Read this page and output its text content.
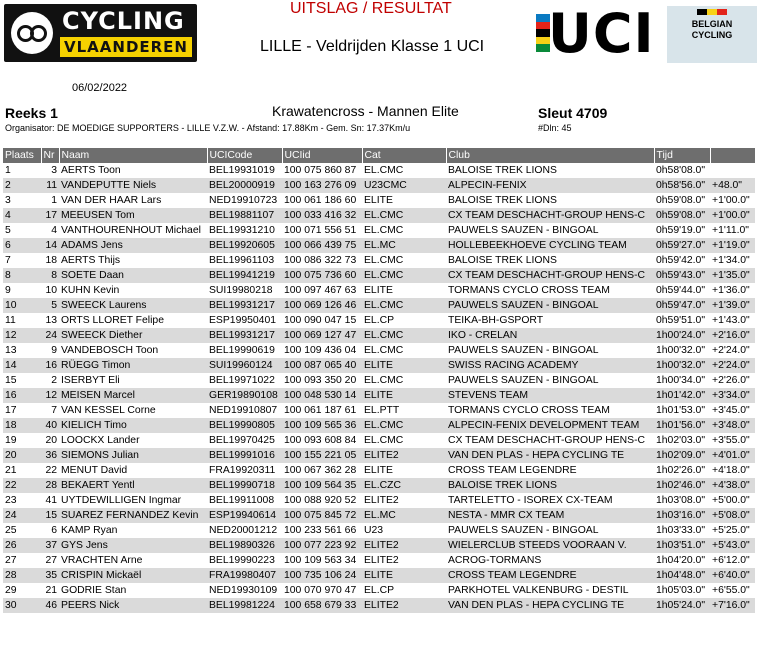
CYCLING
VLAANDEREN
UITSLAG / RESULTAT
LILLE - Veldrijden Klasse 1 UCI
06/02/2022
UCI	BELGIAN
CYCLING
Reeks 1
Organisator: DE MOEDIGE SUPPORTERS - LILLE V.Z.W. - Afstand: 17.88Km - Gem. Sn: 17.37Km/u
Krawatencross - Mannen Elite	Sleut 4709
#Dln: 45
Plaats	Nr	Naam	UCICode	UCIid	Cat	Club	Tijd	
1	3	AERTS Toon	BEL19931019	100 075 860 87	EL.CMC	BALOISE TREK LIONS	0h58'08.0"	
2	11	VANDEPUTTE Niels	BEL20000919	100 163 276 09	U23CMC	ALPECIN-FENIX	0h58'56.0"	+48.0"
3	1	VAN DER HAAR Lars	NED19910723	100 061 186 60	ELITE	BALOISE TREK LIONS	0h59'08.0"	+1'00.0"
4	17	MEEUSEN Tom	BEL19881107	100 033 416 32	EL.CMC	CX TEAM DESCHACHT-GROUP HENS-C	0h59'08.0"	+1'00.0"
5	4	VANTHOURENHOUT Michael	BEL19931210	100 071 556 51	EL.CMC	PAUWELS SAUZEN - BINGOAL	0h59'19.0"	+1'11.0"
6	14	ADAMS Jens	BEL19920605	100 066 439 75	EL.MC	HOLLEBEEKHOEVE CYCLING TEAM	0h59'27.0"	+1'19.0"
7	18	AERTS Thijs	BEL19961103	100 086 322 73	EL.CMC	BALOISE TREK LIONS	0h59'42.0"	+1'34.0"
8	8	SOETE Daan	BEL19941219	100 075 736 60	EL.CMC	CX TEAM DESCHACHT-GROUP HENS-C	0h59'43.0"	+1'35.0"
9	10	KUHN Kevin	SUI19980218	100 097 467 63	ELITE	TORMANS CYCLO CROSS TEAM	0h59'44.0"	+1'36.0"
10	5	SWEECK Laurens	BEL19931217	100 069 126 46	EL.CMC	PAUWELS SAUZEN - BINGOAL	0h59'47.0"	+1'39.0"
11	13	ORTS LLORET Felipe	ESP19950401	100 090 047 15	EL.CP	TEIKA-BH-GSPORT	0h59'51.0"	+1'43.0"
12	24	SWEECK Diether	BEL19931217	100 069 127 47	EL.CMC	IKO - CRELAN	1h00'24.0"	+2'16.0"
13	9	VANDEBOSCH Toon	BEL19990619	100 109 436 04	EL.CMC	PAUWELS SAUZEN - BINGOAL	1h00'32.0"	+2'24.0"
14	16	RÜEGG Timon	SUI19960124	100 087 065 40	ELITE	SWISS RACING ACADEMY	1h00'32.0"	+2'24.0"
15	2	ISERBYT Eli	BEL19971022	100 093 350 20	EL.CMC	PAUWELS SAUZEN - BINGOAL	1h00'34.0"	+2'26.0"
16	12	MEISEN Marcel	GER19890108	100 048 530 14	ELITE	STEVENS TEAM	1h01'42.0"	+3'34.0"
17	7	VAN KESSEL Corne	NED19910807	100 061 187 61	EL.PTT	TORMANS CYCLO CROSS TEAM	1h01'53.0"	+3'45.0"
18	40	KIELICH Timo	BEL19990805	100 109 565 36	EL.CMC	ALPECIN-FENIX DEVELOPMENT TEAM	1h01'56.0"	+3'48.0"
19	20	LOOCKX Lander	BEL19970425	100 093 608 84	EL.CMC	CX TEAM DESCHACHT-GROUP HENS-C	1h02'03.0"	+3'55.0"
20	36	SIEMONS Julian	BEL19991016	100 155 221 05	ELITE2	VAN DEN PLAS - HEPA CYCLING TE	1h02'09.0"	+4'01.0"
21	22	MENUT David	FRA19920311	100 067 362 28	ELITE	CROSS TEAM LEGENDRE	1h02'26.0"	+4'18.0"
22	28	BEKAERT Yentl	BEL19990718	100 109 564 35	EL.CZC	BALOISE TREK LIONS	1h02'46.0"	+4'38.0"
23	41	UYTDEWILLIGEN Ingmar	BEL19911008	100 088 920 52	ELITE2	TARTELETTO - ISOREX CX-TEAM	1h03'08.0"	+5'00.0"
24	15	SUAREZ FERNANDEZ Kevin	ESP19940614	100 075 845 72	EL.MC	NESTA - MMR CX TEAM	1h03'16.0"	+5'08.0"
25	6	KAMP Ryan	NED20001212	100 233 561 66	U23	PAUWELS SAUZEN - BINGOAL	1h03'33.0"	+5'25.0"
26	37	GYS Jens	BEL19890326	100 077 223 92	ELITE2	WIELERCLUB STEEDS VOORAAN V.	1h03'51.0"	+5'43.0"
27	27	VRACHTEN Arne	BEL19990223	100 109 563 34	ELITE2	ACROG-TORMANS	1h04'20.0"	+6'12.0"
28	35	CRISPIN Mickaël	FRA19980407	100 735 106 24	ELITE	CROSS TEAM LEGENDRE	1h04'48.0"	+6'40.0"
29	21	GODRIE Stan	NED19930109	100 070 970 47	EL.CP	PARKHOTEL VALKENBURG - DESTIL	1h05'03.0"	+6'55.0"
30	46	PEERS Nick	BEL19981224	100 658 679 33	ELITE2	VAN DEN PLAS - HEPA CYCLING TE	1h05'24.0"	+7'16.0"
